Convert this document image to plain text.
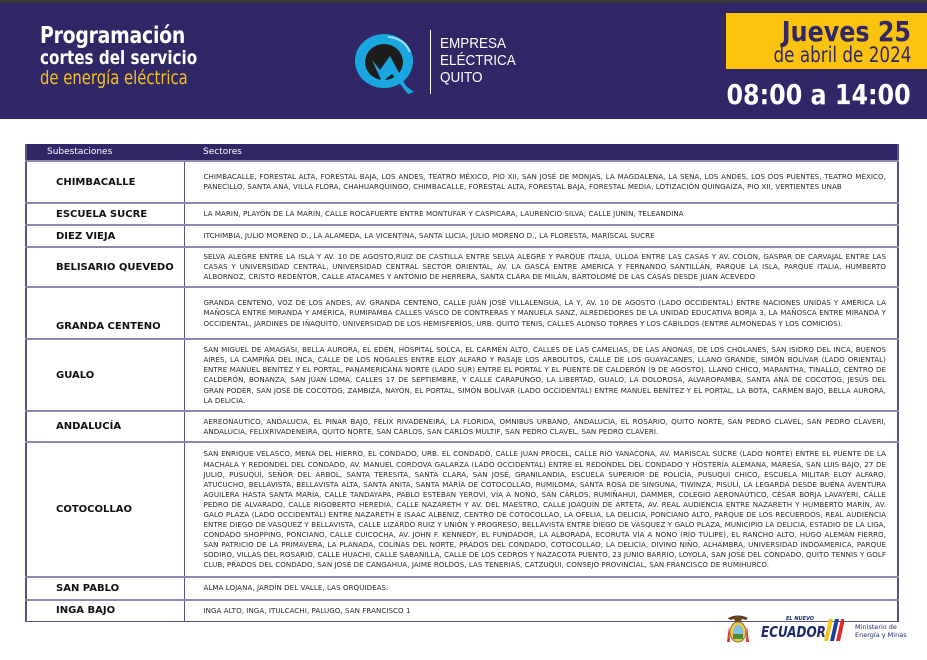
Programación
cortes del servicio
de energía eléctrica
EMPRESA
ELÉCTRICA
QUITO
Jueves 25
de abril de 2024
08:00 a 14:00
Subestaciones	Sectores
CHIMBACALLE	CHIMBACALLE, FORESTAL ALTA, FORESTAL BAJA, LOS ANDES, TEATRO MÉXICO, PIO XII, SAN JOSÉ DE MONJAS, LA MAGDALENA, LA SENA, LOS ANDES, LOS DOS PUENTES, TEATRO MÉXICO, PANECILLO, SANTA ANA, VILLA FLORA, CHAHUARQUINGO, CHIMBACALLE, FORESTAL ALTA, FORESTAL BAJA, FORESTAL MEDIA, LOTIZACIÓN QUINGAIZA, PIO XII, VERTIENTES UNAB
ESCUELA SUCRE	LA MARIN, PLAYÓN DE LA MARIN, CALLE ROCAFUERTE ENTRE MONTUFAR Y CASPICARA, LAURENCIO SILVA; CALLE JUNIN, TELEANDINA
DIEZ VIEJA	ITCHIMBIA, JULIO MORENO D., LA ALAMEDA, LA VICENTINA, SANTA LUCIA, JULIO MORENO D., LA FLORESTA, MARISCAL SUCRE
BELISARIO QUEVEDO	SELVA ALEGRE ENTRE LA ISLA Y AV. 10 DE AGOSTO,RUIZ DE CASTILLA ENTRE SELVA ALEGRE Y PARQUE ITALIA, ULLOA ENTRE LAS CASAS Y AV. COLÓN, GASPAR DE CARVAJAL ENTRE LAS CASAS Y UNIVERSIDAD CENTRAL, UNIVERSIDAD CENTRAL SECTOR ORIENTAL, AV. LA GASCA ENTRE AMERICA Y FERNANDO SANTILLÁN, PARQUE LA ISLA, PARQUE ITALIA, HUMBERTO ALBORNOZ, CRISTO REDENTOR, CALLE ATACAMES Y ANTONIO DE HERRERA, SANTA CLARA DE MILÁN, BARTOLOMÉ DE LAS CASAS DESDE JUAN ACEVEDO
GRANDA CENTENO	GRANDA CENTENO, VOZ DE LOS ANDES, AV. GRANDA CENTENO, CALLE JUÁN JOSÉ VILLALENGUA, LA Y, AV. 10 DE AGOSTO (LADO OCCIDENTAL) ENTRE NACIONES UNIDAS Y AMÉRICA LA MAÑOSCA ENTRE MIRANDA Y AMÉRICA, RUMIPAMBA CALLES VASCO DE CONTRERAS Y MANUELA SANZ, ALREDEDORES DE LA UNIDAD EDUCATIVA BORJA 3, LA MAÑOSCA ENTRE MIRANDA Y OCCIDENTAL, JARDINES DE IÑAQUITO, UNIVERSIDAD DE LOS HEMISFERIOS, URB. QUITO TENIS, CALLES ALONSO TORRES Y LOS CABILDOS (ENTRE ALMONEDAS Y LOS COMICIOS).
GUALO	SAN MIGUEL DE AMAGASI, BELLA AURORA, EL EDÉN, HOSPITAL SOLCA, EL CARMÉN ALTO, CALLES DE LAS CAMELIAS, DE LAS ANONAS, DE LOS CHOLANES, SAN ISIDRO DEL INCA, BUENOS AIRES, LA CAMPIÑA DEL INCA, CALLE DE LOS NOGALES ENTRE ELOY ALFARO Y PASAJE LOS ARBOLITOS, CALLE DE LOS GUAYACANES, LLANO GRANDE, SIMÓN BOLÍVAR (LADO ORIENTAL) ENTRE MANUEL BENÍTEZ Y EL PORTAL, PANAMERICANA NORTE (LADO SUR) ENTRE EL PORTAL Y EL PUENTE DE CALDERÓN (9 DE AGOSTO). LLANO CHICO, MARANTHA, TINALLO, CENTRO DE CALDERÓN, BONANZA, SAN JUAN LOMA, CALLES 17 DE SEPTIEMBRE, Y CALLE CARAPUNGO, LA LIBERTAD, GUALO, LA DOLOROSA, ALVAROPAMBA, SANTA ANA DE COCOTOG, JESÚS DEL GRAN PODER, SAN JOSÉ DE COCOTOG, ZAMBIZA, NAYÓN, EL PORTAL, SIMÓN BOLÍVAR (LADO OCCIDENTAL) ENTRE MANUEL BENÍTEZ Y EL PORTAL, LA BOTA, CARMÉN BAJO, BELLA AURORA, LA DELICIA.
ANDALUCÍA	AEREONAUTICO, ANDALUCIA, EL PINAR BAJO, FELIX RIVADENEIRA, LA FLORIDA, OMNIBUS URBANO, ANDALUCIA, EL ROSARIO, QUITO NORTE, SAN PEDRO CLAVEL, SAN PEDRO CLAVERI, ANDALUCIA, FELIXRIVADENEIRA, QUITO NORTE, SAN CARLOS, SAN CARLOS MULTIF, SAN PEDRO CLAVEL, SAN PEDRO CLAVERI.
COTOCOLLAO	SAN ENRIQUE VELASCO, MENA DEL HIERRO, EL CONDADO, URB. EL CONDADO, CALLE JUAN PROCEL, CALLE RÍO YANACONA, AV. MARISCAL SUCRE (LADO NORTE) ENTRE EL PUENTE DE LA MACHALA Y REDONDEL DEL CONDADO, AV. MANUEL CORDOVA GALARZA (LADO OCCIDENTAL) ENTRE EL REDONDEL DEL CONDADO Y HOSTERÍA ALEMANA, MARESA, SAN LUIS BAJO, 27 DE JULIO, PUSUQUÍ, SEÑOR DEL ÁRBOL, SANTA TERESITA, SANTA CLARA, SAN JOSÉ, GRANILANDIA, ESCUELA SUPERIOR DE POLICÍA, PUSUQUÍ CHICO, ESCUELA MILITAR ELOY ALFARO, ATUCUCHO, BELLAVISTA, BELLAVISTA ALTA, SANTA ANITA, SANTA MARÍA DE COTOCOLLAO, RUMILOMA, SANTA ROSA DE SINGUNA, TIWINZA, PISULÍ, LA LEGARDA DESDE BUENA AVENTURA AGUILERA HASTA SANTA MARÍA, CALLE TANDAYAPA, PABLO ESTEBAN YEROVÍ, VÍA A NONO, SAN CARLOS, RUMIÑAHUI, DAMMER, COLEGIO AERONAÚTICO, CÉSAR BORJA LAVAYERI, CALLE PEDRO DE ALVARADO, CALLE RIGOBERTO HEREDIA, CALLE NAZARETH Y AV. DEL MAESTRO, CALLE JOAQUÍN DE ARTETA, AV. REAL AUDIENCIA ENTRE NAZARETH Y HUMBERTO MARÍN, AV. GALO PLAZA (LADO OCCIDENTAL) ENTRE NAZARETH E ISAAC ALBENIZ, CENTRO DE COTOCOLLAO, LA OFELIA, LA DELICIA, PONCIANO ALTO, PARQUE DE LOS RECUERDOS, REAL AUDIENCIA ENTRE DIEGO DE VASQUEZ Y BELLAVISTA, CALLE LIZARDO RUIZ Y UNIÓN Y PROGRESO, BELLAVISTA ENTRE DIEGO DE VASQUEZ Y GALO PLAZA, MUNICIPIO LA DELICIA, ESTADIO DE LA LIGA, CONDADO SHOPPING, PONCIANO, CALLE CUICOCHA, AV. JOHN F. KENNEDY, EL FUNDADOR, LA ALBORADA, ECORUTA VÍA A NONO (RÍO TULIPE), EL RANCHO ALTO, HUGO ALEMÁN FIERRO, SAN PATRICIO DE LA PRIMAVERA, LA PLANADA, COLINAS DEL NORTE, PRADOS DEL CONDADO, COTOCOLLAO, LA DELICIA, DIVINO NIÑO, ALHAMBRA, UNIVERSIDAD INDOAMERICA, PARQUE SODIRO, VILLAS DEL ROSARIO, CALLE HUACHI, CALLE SABANILLA, CALLE DE LOS CEDROS Y NAZACOTA PUENTO, 23 JUNIO BARRIO, LOYOLA, SAN JOSÉ DEL CONDADO, QUITO TENNIS Y GOLF CLUB, PRADOS DEL CONDADO, SAN JOSÉ DE CANGAHUA, JAIME ROLDOS, LAS TENERIAS, CATZUQUI, CONSEJO PROVINCIAL, SAN FRANCISCO DE RUMIHURCO.
SAN PABLO	ALMA LOJANA, JARDÍN DEL VALLE, LAS ORQUIDEAS.
INGA BAJO	INGA ALTO, INGA, ITULCACHI, PALUGO, SAN FRANCISCO 1
EL NUEVO
ECUADOR	Ministerio de
Energía y Minas
